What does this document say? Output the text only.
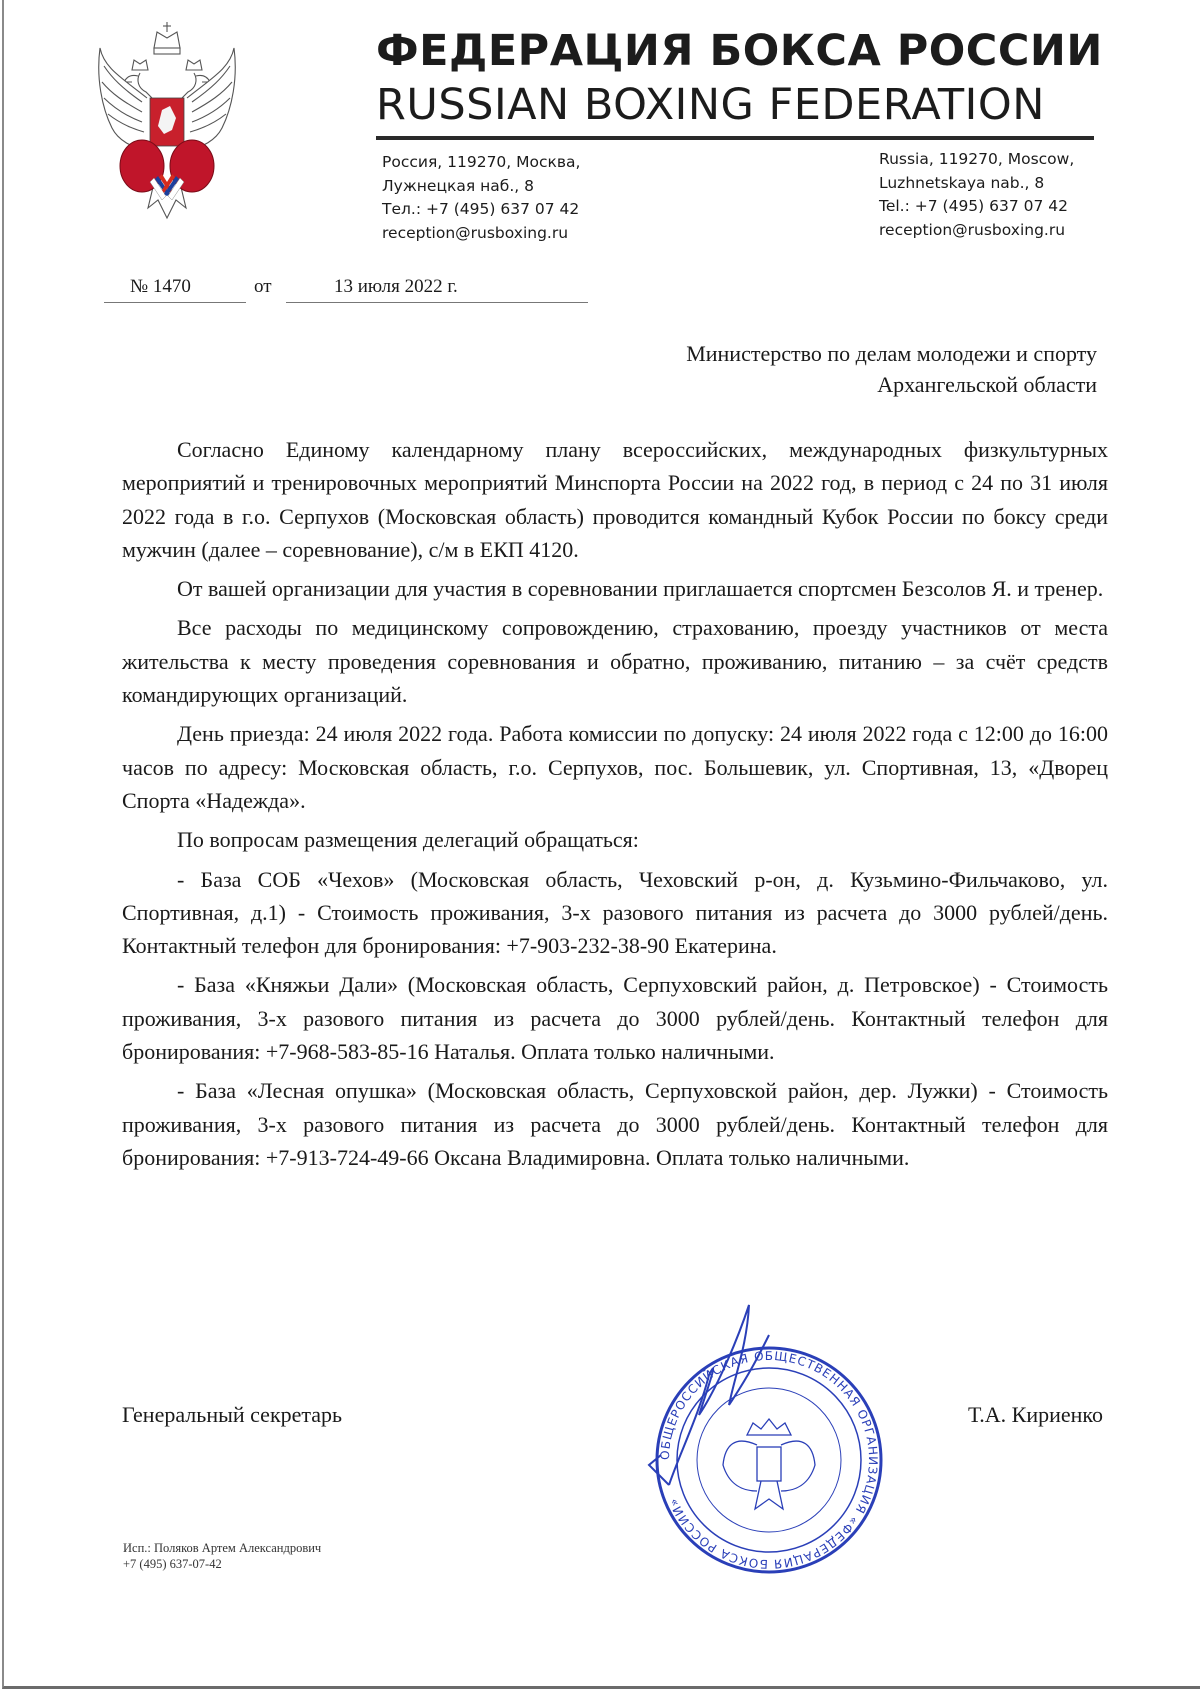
ФЕДЕРАЦИЯ БОКСА РОССИИ
RUSSIAN BOXING FEDERATION
Россия, 119270, Москва,
Лужнецкая наб., 8
Тел.: +7 (495) 637 07 42
reception@rusboxing.ru
Russia, 119270, Moscow,
Luzhnetskaya nab., 8
Tel.: +7 (495) 637 07 42
reception@rusboxing.ru
№ 1470	от	13 июля 2022 г.
Министерство по делам молодежи и спорту
Архангельской области

Согласно Единому календарному плану всероссийских, международных физкультурных мероприятий и тренировочных мероприятий Минспорта России на 2022 год, в период с 24 по 31 июля 2022 года в г.о. Серпухов (Московская область) проводится командный Кубок России по боксу среди мужчин (далее – соревнование), с/м в ЕКП 4120.

От вашей организации для участия в соревновании приглашается спортсмен Безсолов Я. и тренер.

Все расходы по медицинскому сопровождению, страхованию, проезду участников от места жительства к месту проведения соревнования и обратно, проживанию, питанию – за счёт средств командирующих организаций.

День приезда: 24 июля 2022 года. Работа комиссии по допуску: 24 июля 2022 года с 12:00 до 16:00 часов по адресу: Московская область, г.о. Серпухов, пос. Большевик, ул. Спортивная, 13, «Дворец Спорта «Надежда».

По вопросам размещения делегаций обращаться:

- База СОБ «Чехов» (Московская область, Чеховский р-он, д. Кузьмино-Фильчаково, ул. Спортивная, д.1) - Стоимость проживания, 3-х разового питания из расчета до 3000 рублей/день. Контактный телефон для бронирования: +7-903-232-38-90 Екатерина.

- База «Княжьи Дали» (Московская область, Серпуховский район, д. Петровское) - Стоимость проживания, 3-х разового питания из расчета до 3000 рублей/день. Контактный телефон для бронирования: +7-968-583-85-16 Наталья. Оплата только наличными.

- База «Лесная опушка» (Московская область, Серпуховской район, дер. Лужки) - Стоимость проживания, 3-х разового питания из расчета до 3000 рублей/день. Контактный телефон для бронирования: +7-913-724-49-66 Оксана Владимировна. Оплата только наличными.

Генеральный секретарь	Т.А. Кириенко
ОБЩЕРОССИЙСКАЯ ОБЩЕСТВЕННАЯ ОРГАНИЗАЦИЯ «ФЕДЕРАЦИЯ БОКСА РОССИИ»
Исп.: Поляков Артем Александрович
+7 (495) 637-07-42
